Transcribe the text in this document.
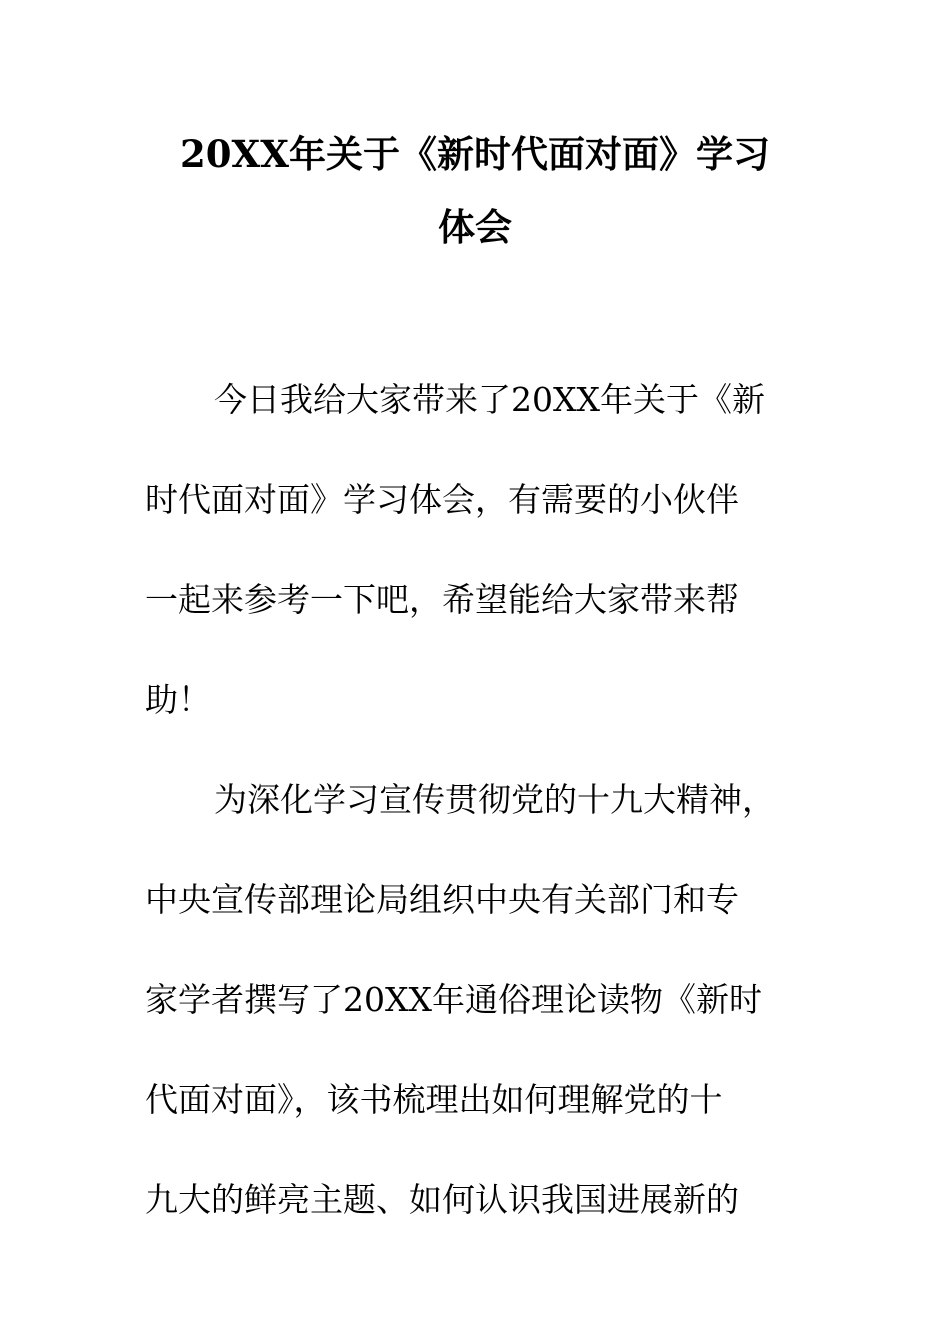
20XX年关于《新时代面对面》学习
体会
今日我给大家带来了20XX年关于《新
时代面对面》学习体会，有需要的小伙伴
一起来参考一下吧，希望能给大家带来帮
助！
为深化学习宣传贯彻党的十九大精神，
中央宣传部理论局组织中央有关部门和专
家学者撰写了20XX年通俗理论读物《新时
代面对面》，该书梳理出如何理解党的十
九大的鲜亮主题、如何认识我国进展新的
